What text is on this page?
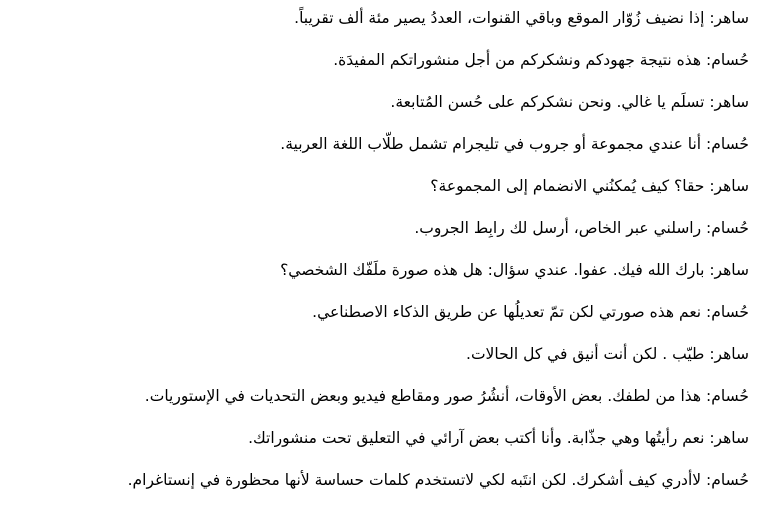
ساهر: إذا نضيف زُوّار الموقع وباقي القنوات، العددُ يصير مئة ألف تقريباً.
حُسام: هذه نتيجة جهودكم ونشكركم من أجل منشوراتكم المفيدَة.
ساهر: تسلَم يا غالي. ونحن نشكركم على حُسن المُتابعة.
حُسام: أنا عندي مجموعة أو جروب في تليجرام تشمل طلّاب اللغة العربية.
ساهر: حقا؟ كيف يُمكنُني الانضمام إلى المجموعة؟
حُسام: راسلني عبر الخاص، أرسل لك رابِط الجروب.
ساهر: بارك الله فيك. عفوا. عندي سؤال: هل هذه صورة ملَفّك الشخصي؟
حُسام: نعم هذه صورتي لكن تمّ تعديلُها عن طريق الذكاء الاصطناعي.
ساهر: طيّب . لكن أنت أنيق في كل الحالات.
حُسام: هذا من لطفك. بعض الأوقات، أنشُرُ صور ومقاطع فيديو وبعض التحديات في الإستوريات.
ساهر: نعم رأيتُها وهي جذّابة. وأنا أكتب بعض آرائي في التعليق تحت منشوراتك.
حُسام: لاأدري كيف أشكرك. لكن انتَبه لكي لاتستخدم كلمات حساسة لأنها محظورة في إنستاغرام.
